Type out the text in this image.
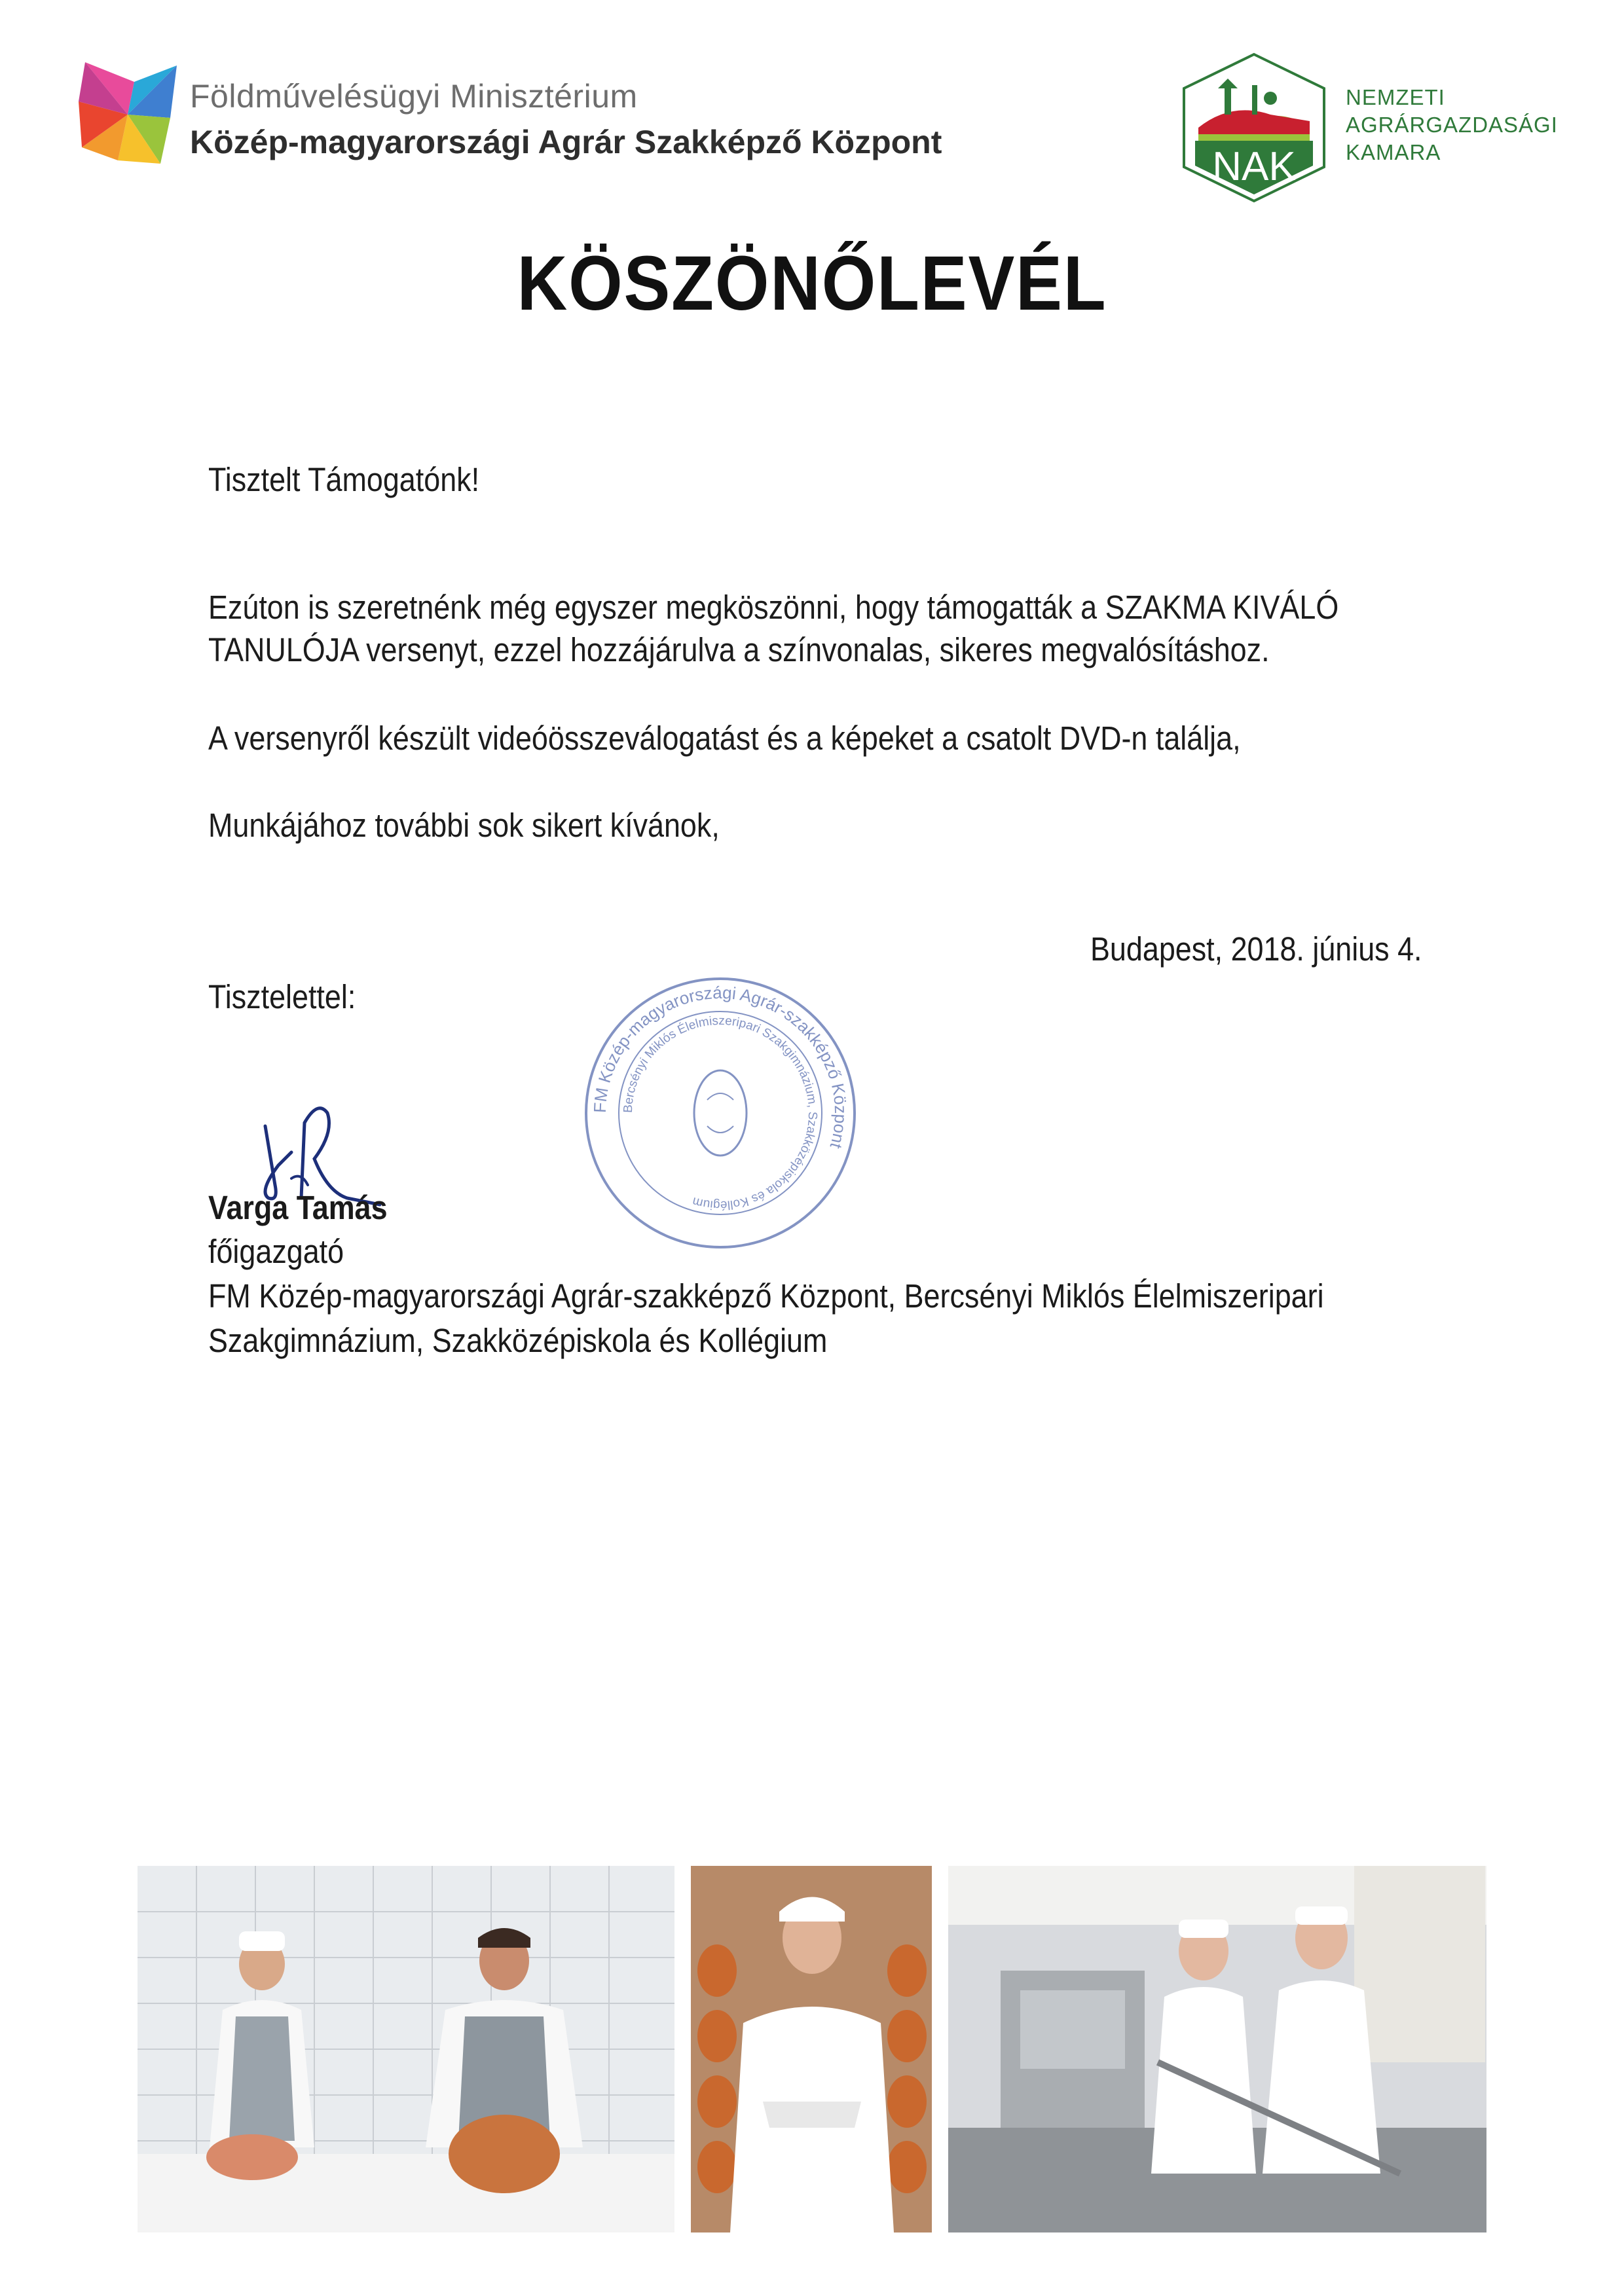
Földművelésügyi Minisztérium
Közép-magyarországi Agrár Szakképző Központ
NAK
NEMZETI
AGRÁRGAZDASÁGI
KAMARA
KÖSZÖNŐLEVÉL
Tisztelt Támogatónk!
Ezúton is szeretnénk még egyszer megköszönni, hogy támogatták a SZAKMA KIVÁLÓ
TANULÓJA versenyt, ezzel hozzájárulva a színvonalas, sikeres megvalósításhoz.
A versenyről készült videóösszeválogatást és a képeket a csatolt DVD-n találja,
Munkájához további sok sikert kívánok,
Budapest, 2018. június 4.
Tisztelettel:
FM Közép-magyarországi Agrár-szakképző Központ
Bercsényi Miklós Élelmiszeripari Szakgimnázium, Szakközépiskola és Kollégium
Varga Tamás
főigazgató
FM Közép-magyarországi Agrár-szakképző Központ, Bercsényi Miklós Élelmiszeripari
Szakgimnázium, Szakközépiskola és Kollégium
